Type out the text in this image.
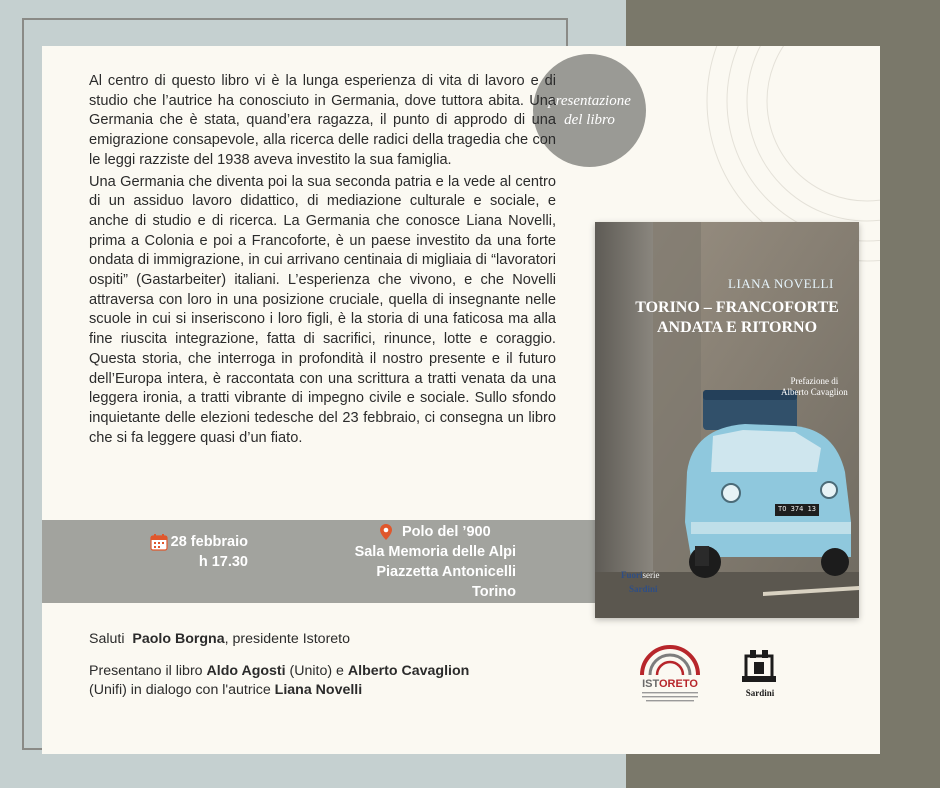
presentazione
del libro

Al centro di questo libro vi è la lunga esperienza di vita di lavoro e di studio che l’autrice ha conosciuto in Germania, dove tuttora abita. Una Germania che è stata, quand’era ragazza, il punto di approdo di una emigrazione consapevole, alla ricerca delle radici della tragedia che con le leggi razziste del 1938 aveva investito la sua famiglia.

Una Germania che diventa poi la sua seconda patria e la vede al centro di un assiduo lavoro didattico, di mediazione culturale e sociale, e anche di studio e di ricerca. La Germania che conosce Liana Novelli, prima a Colonia e poi a Francoforte, è un paese investito da una forte ondata di immigrazione, in cui arrivano centinaia di migliaia di “lavoratori ospiti” (Gastarbeiter) italiani. L’esperienza che vivono, e che Novelli attraversa con loro in una posizione cruciale, quella di insegnante nelle scuole in cui si inseriscono i loro figli, è la storia di una faticosa ma alla fine riuscita integrazione, fatta di sacrifici, rinunce, lotte e coraggio. Questa storia, che interroga in profondità il nostro presente e il futuro dell’Europa intera, è raccontata con una scrittura a tratti venata da una leggera ironia, a tratti vibrante di impegno civile e sociale. Sullo sfondo inquietante delle elezioni tedesche del 23 febbraio, ci consegna un libro che si fa leggere quasi d’un fiato.

28 febbraio
h 17.30
Polo del ’900
Sala Memoria delle Alpi
Piazzetta Antonicelli
Torino
LIANA NOVELLI
TORINO – FRANCOFORTE
ANDATA E RITORNO
Prefazione di
Alberto Cavaglion
TO 374 13
Fuoriserie
Sardini

Saluti Paolo Borgna, presidente Istoreto

Presentano il libro Aldo Agosti (Unito) e Alberto Cavaglion
(Unifi) in dialogo con l'autrice Liana Novelli	ISTORETO
Sardini
